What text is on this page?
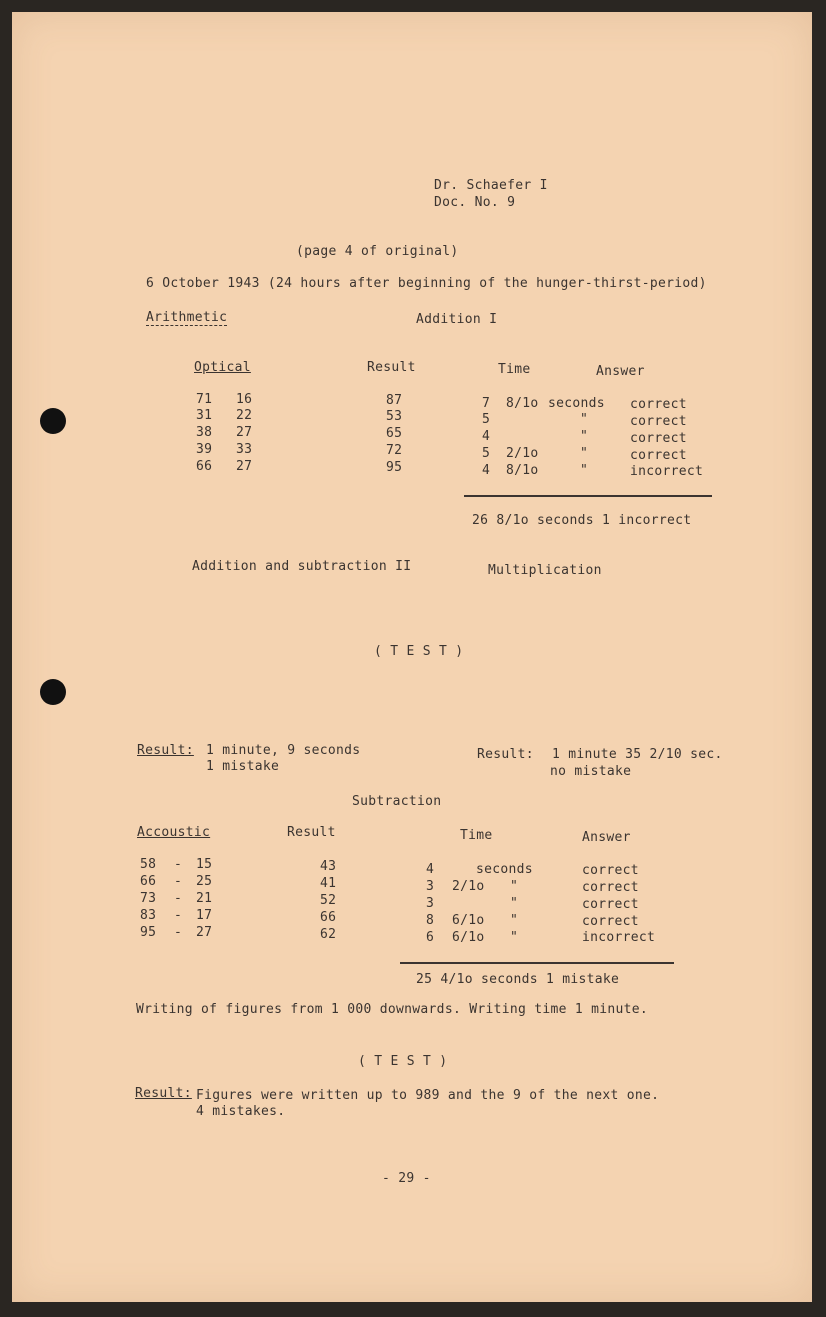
Dr. Schaefer I
Doc. No. 9
(page 4 of original)
6 October 1943 (24 hours after beginning of the hunger-thirst-period)
Arithmetic	Addition I
Optical	Result	Time	Answer
71 16	87	7 8/1o seconds correct
31 22	53	5	"	correct
38 27	65	4	"	correct
39 33	72	5 2/1o	"	correct
66 27	95	4 8/1o	"	incorrect
26 8/1o seconds 1 incorrect
Addition and subtraction II	Multiplication
( T E S T )
Result: 1 minute, 9 seconds
1 mistake
Result: 1 minute 35 2/10 sec.
no mistake
Subtraction
Accoustic	Result	Time	Answer
58 - 15	43	4	seconds	correct
66 - 25	41	3 2/1o "	correct
73 - 21	52	3	"	correct
83 - 17	66	8 6/1o "	correct
95 - 27	62	6 6/1o "	incorrect
25 4/1o seconds 1 mistake
Writing of figures from 1 000 downwards. Writing time 1 minute.
( T E S T )
Result: Figures were written up to 989 and the 9 of the next one.
4 mistakes.
- 29 -
